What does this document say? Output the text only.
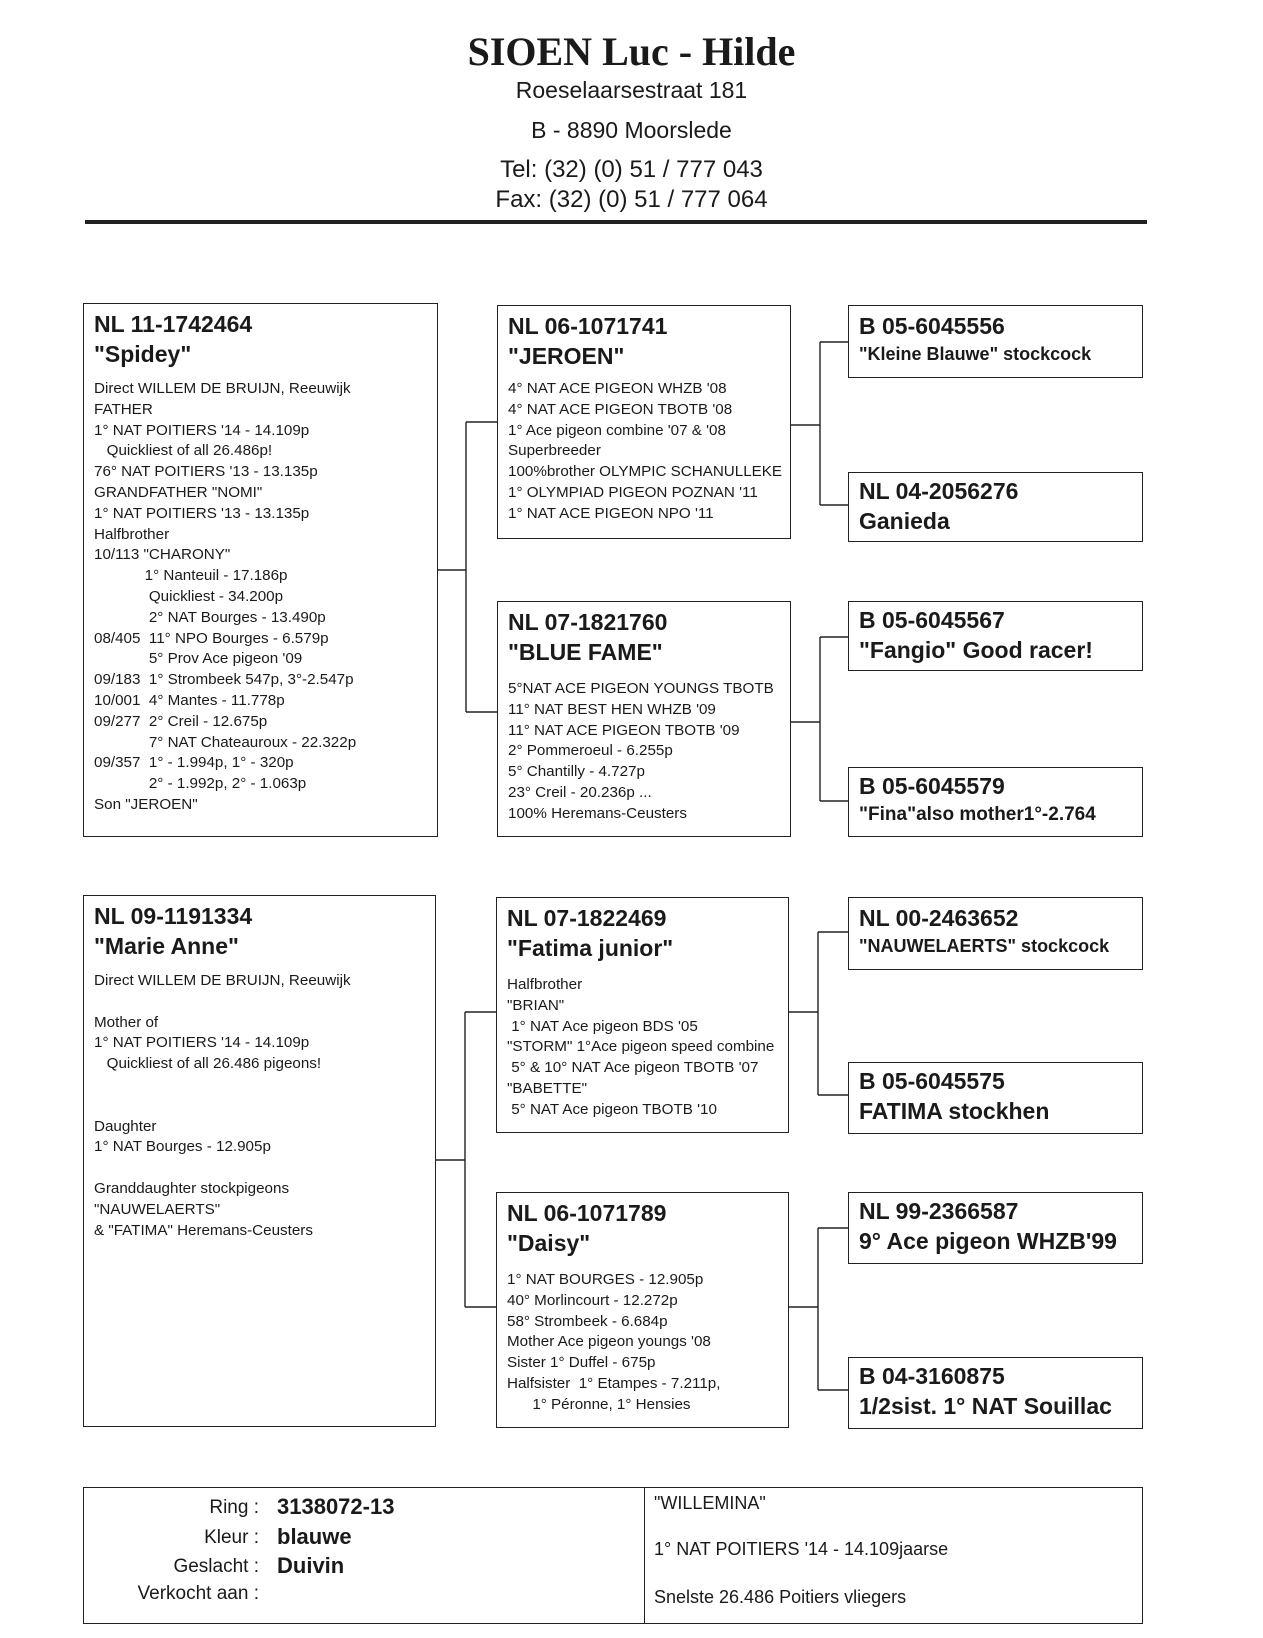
SIOEN Luc - Hilde
Roeselaarsestraat 181
B - 8890 Moorslede
Tel: (32) (0) 51 / 777 043
Fax: (32) (0) 51 / 777 064
NL 11-1742464
"Spidey"
Direct WILLEM DE BRUIJN, Reeuwijk
FATHER
1° NAT POITIERS '14 - 14.109p
Quickliest of all 26.486p!
76° NAT POITIERS '13 - 13.135p
GRANDFATHER "NOMI"
1° NAT POITIERS '13 - 13.135p
Halfbrother
10/113 "CHARONY"
1° Nanteuil - 17.186p
Quickliest - 34.200p
2° NAT Bourges - 13.490p
08/405  11° NPO Bourges - 6.579p
5° Prov Ace pigeon '09
09/183  1° Strombeek 547p, 3°-2.547p
10/001  4° Mantes - 11.778p
09/277  2° Creil - 12.675p
7° NAT Chateauroux - 22.322p
09/357  1° - 1.994p, 1° - 320p
2° - 1.992p, 2° - 1.063p
Son "JEROEN"
NL 06-1071741
"JEROEN"
4° NAT ACE PIGEON WHZB '08
4° NAT ACE PIGEON TBOTB '08
1° Ace pigeon combine '07 & '08
Superbreeder
100%brother OLYMPIC SCHANULLEKE
1° OLYMPIAD PIGEON POZNAN '11
1° NAT ACE PIGEON NPO '11
NL 07-1821760
"BLUE FAME"
5°NAT ACE PIGEON YOUNGS TBOTB
11° NAT BEST HEN WHZB '09
11° NAT ACE PIGEON TBOTB '09
2° Pommeroeul - 6.255p
5° Chantilly - 4.727p
23° Creil - 20.236p ...
100% Heremans-Ceusters
B 05-6045556
"Kleine Blauwe" stockcock
NL 04-2056276
Ganieda
B 05-6045567
"Fangio" Good racer!
B 05-6045579
"Fina"also mother1°-2.764
NL 09-1191334
"Marie Anne"
Direct WILLEM DE BRUIJN, Reeuwijk

Mother of
1° NAT POITIERS '14 - 14.109p
Quickliest of all 26.486 pigeons!

Daughter
1° NAT Bourges - 12.905p

Granddaughter stockpigeons
"NAUWELAERTS"
& "FATIMA" Heremans-Ceusters
NL 07-1822469
"Fatima junior"
Halfbrother
"BRIAN"
1° NAT Ace pigeon BDS '05
"STORM" 1°Ace pigeon speed combine
5° & 10° NAT Ace pigeon TBOTB '07
"BABETTE"
5° NAT Ace pigeon TBOTB '10
NL 06-1071789
"Daisy"
1° NAT BOURGES - 12.905p
40° Morlincourt - 12.272p
58° Strombeek - 6.684p
Mother Ace pigeon youngs '08
Sister 1° Duffel - 675p
Halfsister  1° Etampes - 7.211p,
1° Péronne, 1° Hensies
NL 00-2463652
"NAUWELAERTS" stockcock
B 05-6045575
FATIMA stockhen
NL 99-2366587
9° Ace pigeon WHZB'99
B 04-3160875
1/2sist. 1° NAT Souillac
Ring : 3138072-13
Kleur : blauwe
Geslacht : Duivin
Verkocht aan :
"WILLEMINA"
1° NAT POITIERS '14 - 14.109jaarse
Snelste 26.486 Poitiers vliegers
